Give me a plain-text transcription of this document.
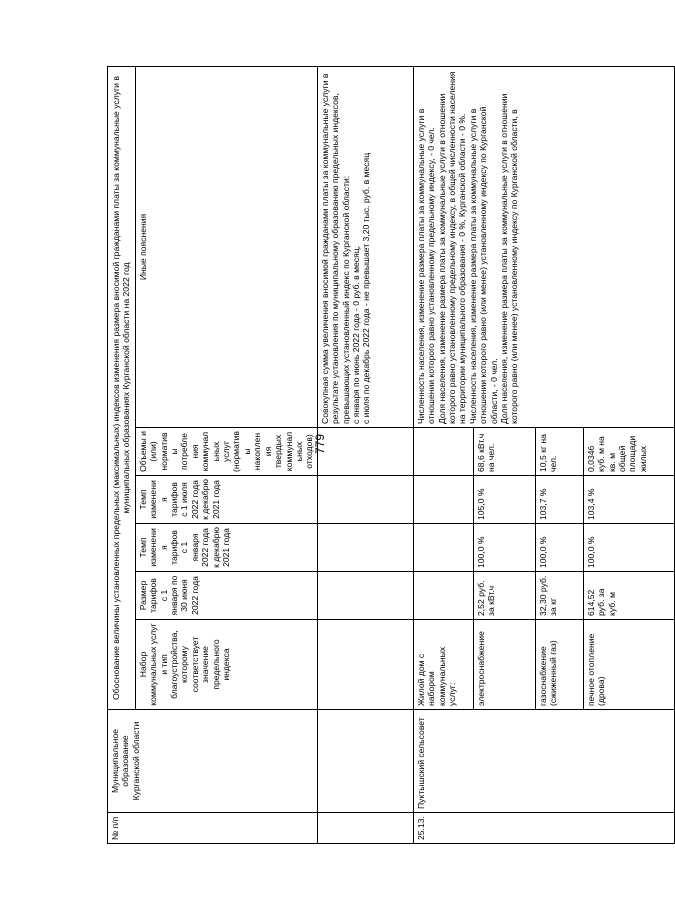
779
№ п/п	Муниципальное образование Курганской области	Обоснование величины установленных предельных (максимальных) индексов изменения размера вносимой гражданами платы за коммунальные услуги в муниципальных образованиях Курганской области на 2022 год					
		Набор коммунальных услуг и тип благоустройства, которому соответствует значение предельного индекса	Размер тарифов с 1 января по 30 июня 2022 года	Темп изменения тарифов с 1 января 2022 года к декабрю 2021 года	Темп изменения тарифов с 1 июля 2022 года к декабрю 2021 года	Объемы и (или) нормативы потребления коммунальных услуг (нормативы накопления твердых коммунальных отходов)	Иные пояснения
							Совокупная сумма увеличения вносимой гражданами платы за коммунальные услуги в результате установления по муниципальному образованию предельных индексов, превышающих установленный индекс по Курганской области:
с января по июнь 2022 года - 0 руб. в месяц,
с июля по декабрь 2022 года - не превышает 3,20 тыс. руб. в месяц
25.13.	Пуктышский сельсовет	Жилой дом с набором коммунальных услуг:					Численность населения, изменение размера платы за коммунальные услуги в отношении которого равно установленному предельному индексу, - 0 чел.
Доля населения, изменение размера платы за коммунальные услуги в отношении которого равно установленному предельному индексу, в общей численности населения на территории муниципального образования - 0 %, Курганской области - 0 %.
Численность населения, изменение размера платы за коммунальные услуги в отношении которого равно (или менее) установленному индексу по Курганской области, - 0 чел.
Доля населения, изменение размера платы за коммунальные услуги в отношении которого равно (или менее) установленному индексу по Курганской области, в
		электроснабжение	2,52 руб. за кВт.ч	100,0 %	105,0 %	68,6 кВт.ч на чел.	
		газоснабжение (сжиженный газ)	32,30 руб. за кг	100,0 %	103,7 %	10,5 кг на чел.	
		печное отопление (дрова)	614,52 руб. за куб. м	100,0 %	103,4 %	0,0346 куб. м на кв. м общей площади жилых	
